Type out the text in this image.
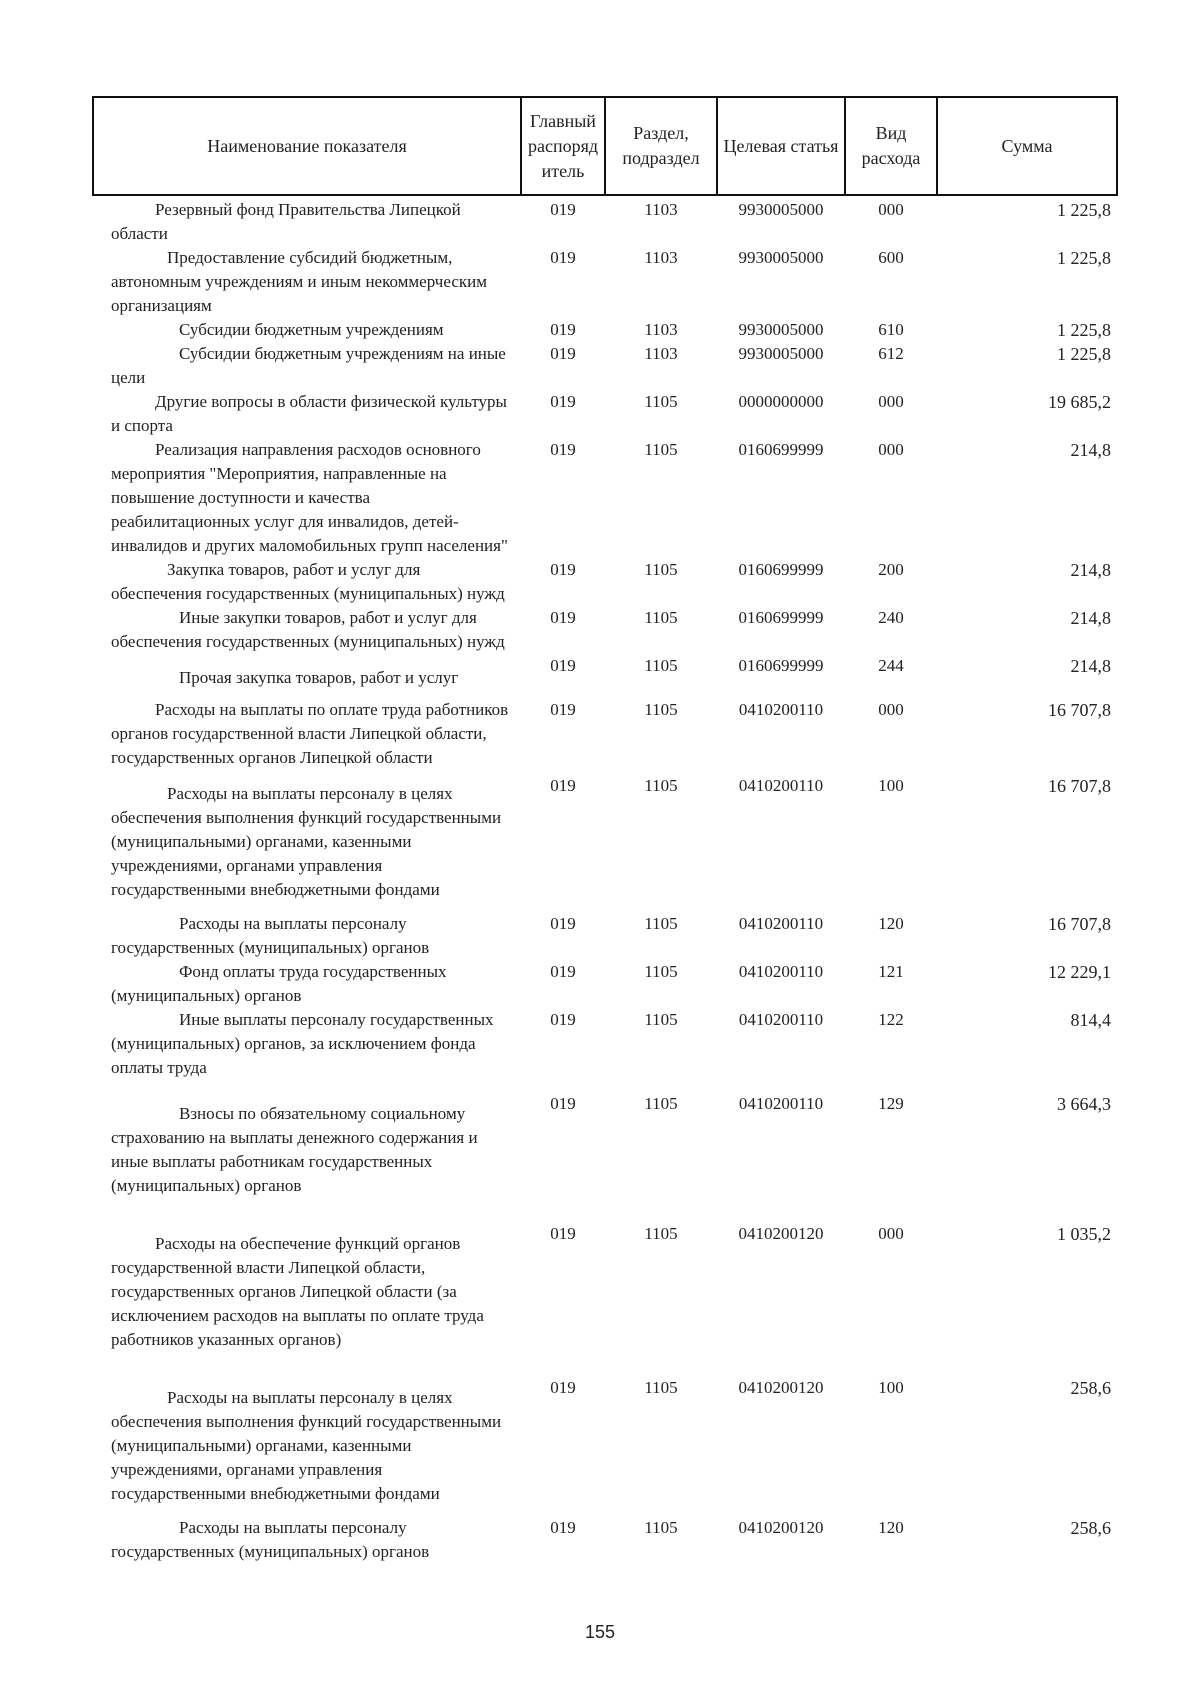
Наименование показателя	Главный распоряд итель	Раздел, подраздел	Целевая статья	Вид расхода	Сумма
Резервный фонд Правительства Липецкой области	019	1103	9930005000	000	1 225,8
Предоставление субсидий бюджетным, автономным учреждениям и иным некоммерческим организациям	019	1103	9930005000	600	1 225,8
Субсидии бюджетным учреждениям	019	1103	9930005000	610	1 225,8
Субсидии бюджетным учреждениям на иные цели	019	1103	9930005000	612	1 225,8
Другие вопросы в области физической культуры и спорта	019	1105	0000000000	000	19 685,2
Реализация направления расходов основного мероприятия "Мероприятия, направленные на повышение доступности и качества реабилитационных услуг для инвалидов, детей-инвалидов и других маломобильных групп населения"	019	1105	0160699999	000	214,8
Закупка товаров, работ и услуг для обеспечения государственных (муниципальных) нужд	019	1105	0160699999	200	214,8
Иные закупки товаров, работ и услуг для обеспечения государственных (муниципальных) нужд	019	1105	0160699999	240	214,8
Прочая закупка товаров, работ и услуг	019	1105	0160699999	244	214,8
Расходы на выплаты по оплате труда работников органов государственной власти Липецкой области, государственных органов Липецкой области	019	1105	0410200110	000	16 707,8
Расходы на выплаты персоналу в целях обеспечения выполнения функций государственными (муниципальными) органами, казенными учреждениями, органами управления государственными внебюджетными фондами	019	1105	0410200110	100	16 707,8
Расходы на выплаты персоналу государственных (муниципальных) органов	019	1105	0410200110	120	16 707,8
Фонд оплаты труда государственных (муниципальных) органов	019	1105	0410200110	121	12 229,1
Иные выплаты персоналу государственных (муниципальных) органов, за исключением фонда оплаты труда	019	1105	0410200110	122	814,4
Взносы по обязательному социальному страхованию на выплаты денежного содержания и иные выплаты работникам государственных (муниципальных) органов	019	1105	0410200110	129	3 664,3
Расходы на обеспечение функций органов государственной власти Липецкой области, государственных органов Липецкой области (за исключением расходов на выплаты по оплате труда работников указанных органов)	019	1105	0410200120	000	1 035,2
Расходы на выплаты персоналу в целях обеспечения выполнения функций государственными (муниципальными) органами, казенными учреждениями, органами управления государственными внебюджетными фондами	019	1105	0410200120	100	258,6
Расходы на выплаты персоналу государственных (муниципальных) органов	019	1105	0410200120	120	258,6
155
